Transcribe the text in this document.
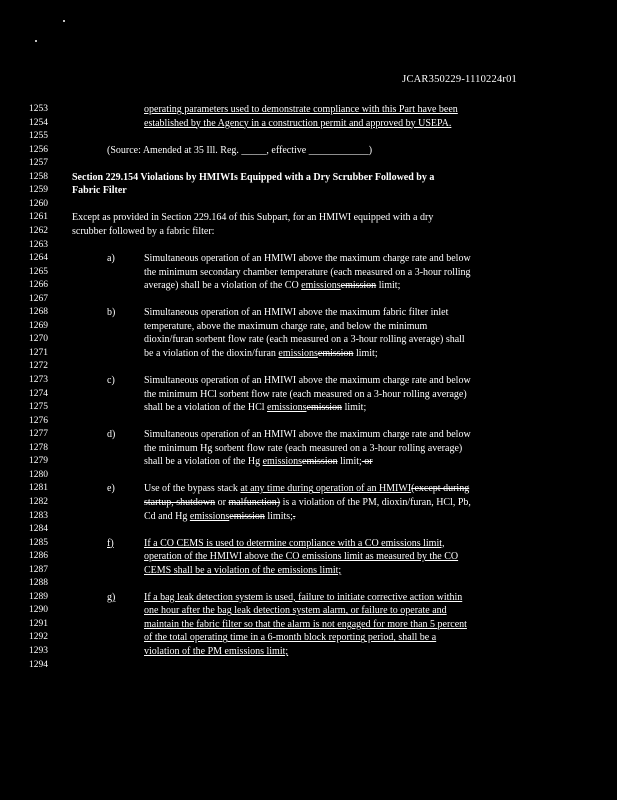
JCAR350229-1110224r01
1253	operating parameters used to demonstrate compliance with this Part have been
1254	established by the Agency in a construction permit and approved by USEPA.
1255
1256	(Source: Amended at 35 Ill. Reg. _____, effective ____________)
1257
1258	Section 229.154 Violations by HMIWIs Equipped with a Dry Scrubber Followed by a
1259	Fabric Filter
1260
1261	Except as provided in Section 229.164 of this Subpart, for an HMIWI equipped with a dry
1262	scrubber followed by a fabric filter:
1263
1264	a)	Simultaneous operation of an HMIWI above the maximum charge rate and below
1265	the minimum secondary chamber temperature (each measured on a 3-hour rolling
1266	average) shall be a violation of the CO emissionsemission limit;
1267
1268	b)	Simultaneous operation of an HMIWI above the maximum fabric filter inlet
1269	temperature, above the maximum charge rate, and below the minimum
1270	dioxin/furan sorbent flow rate (each measured on a 3-hour rolling average) shall
1271	be a violation of the dioxin/furan emissionsemission limit;
1272
1273	c)	Simultaneous operation of an HMIWI above the maximum charge rate and below
1274	the minimum HCl sorbent flow rate (each measured on a 3-hour rolling average)
1275	shall be a violation of the HCl emissionsemission limit;
1276
1277	d)	Simultaneous operation of an HMIWI above the maximum charge rate and below
1278	the minimum Hg sorbent flow rate (each measured on a 3-hour rolling average)
1279	shall be a violation of the Hg emissionsemission limit; or
1280
1281	e)	Use of the bypass stack at any time during operation of an HMIWI(except during
1282	startup, shutdown or malfunction) is a violation of the PM, dioxin/furan, HCl, Pb,
1283	Cd and Hg emissionsemission limits;.
1284
1285	f)	If a CO CEMS is used to determine compliance with a CO emissions limit,
1286	operation of the HMIWI above the CO emissions limit as measured by the CO
1287	CEMS shall be a violation of the emissions limit;
1288
1289	g)	If a bag leak detection system is used, failure to initiate corrective action within
1290	one hour after the bag leak detection system alarm, or failure to operate and
1291	maintain the fabric filter so that the alarm is not engaged for more than 5 percent
1292	of the total operating time in a 6-month block reporting period, shall be a
1293	violation of the PM emissions limit;
1294
